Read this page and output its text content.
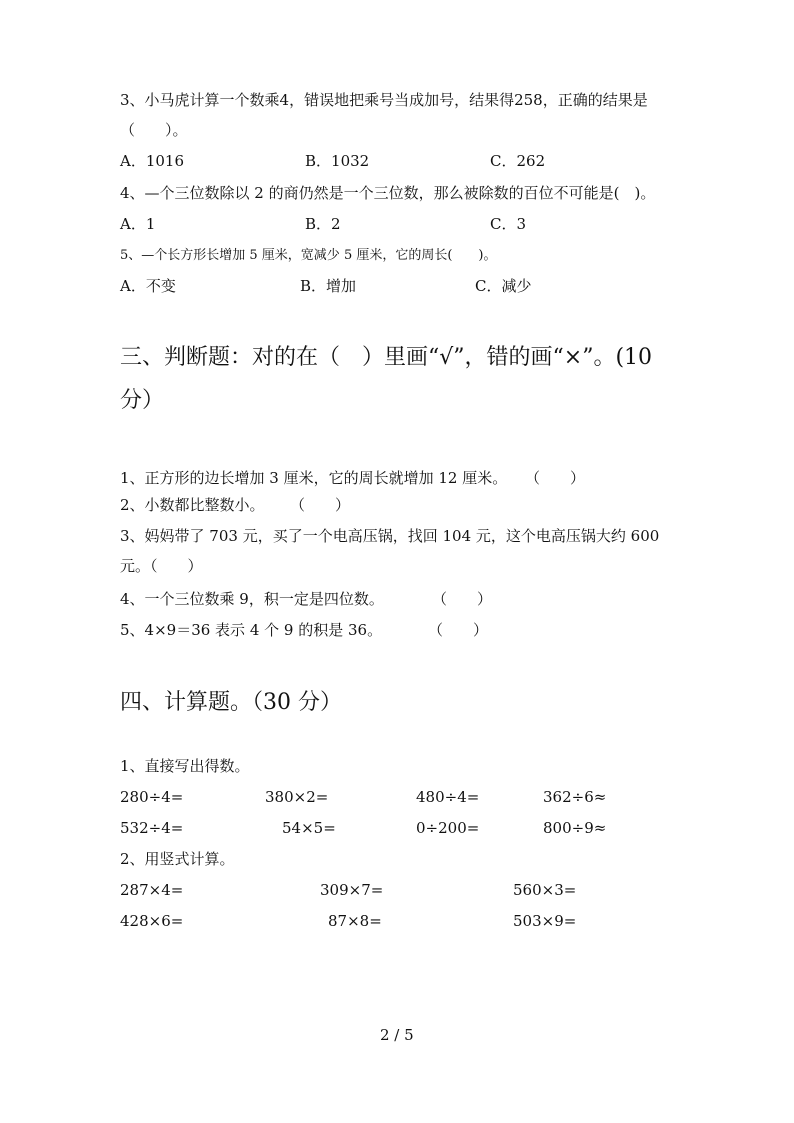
3、小马虎计算一个数乘4，错误地把乘号当成加号，结果得258，正确的结果是
（　　）。
A．1016	B．1032	C．262
4、—个三位数除以 2 的商仍然是一个三位数，那么被除数的百位不可能是(　)。
A．1	B．2	C．3
5、—个长方形长增加 5 厘米，宽减少 5 厘米，它的周长(　　)。
A．不变	B．增加	C．减少
三、判断题：对的在（　）里画“√”，错的画“×”。(10
分）
1、正方形的边长增加 3 厘米，它的周长就增加 12 厘米。 （　　）
2、小数都比整数小。 （　　）
3、妈妈带了 703 元，买了一个电高压锅，找回 104 元，这个电高压锅大约 600
元。（　　）
4、一个三位数乘 9，积一定是四位数。	（　　）
5、4×9＝36 表示 4 个 9 的积是 36。	（　　）
四、计算题。（30 分）
1、直接写出得数。
280÷4=	380×2=	480÷4=	362÷6≈
532÷4=	54×5=	0÷200=	800÷9≈
2、用竖式计算。
287×4=	309×7=	560×3=
428×6=	87×8=	503×9=
2 / 5
